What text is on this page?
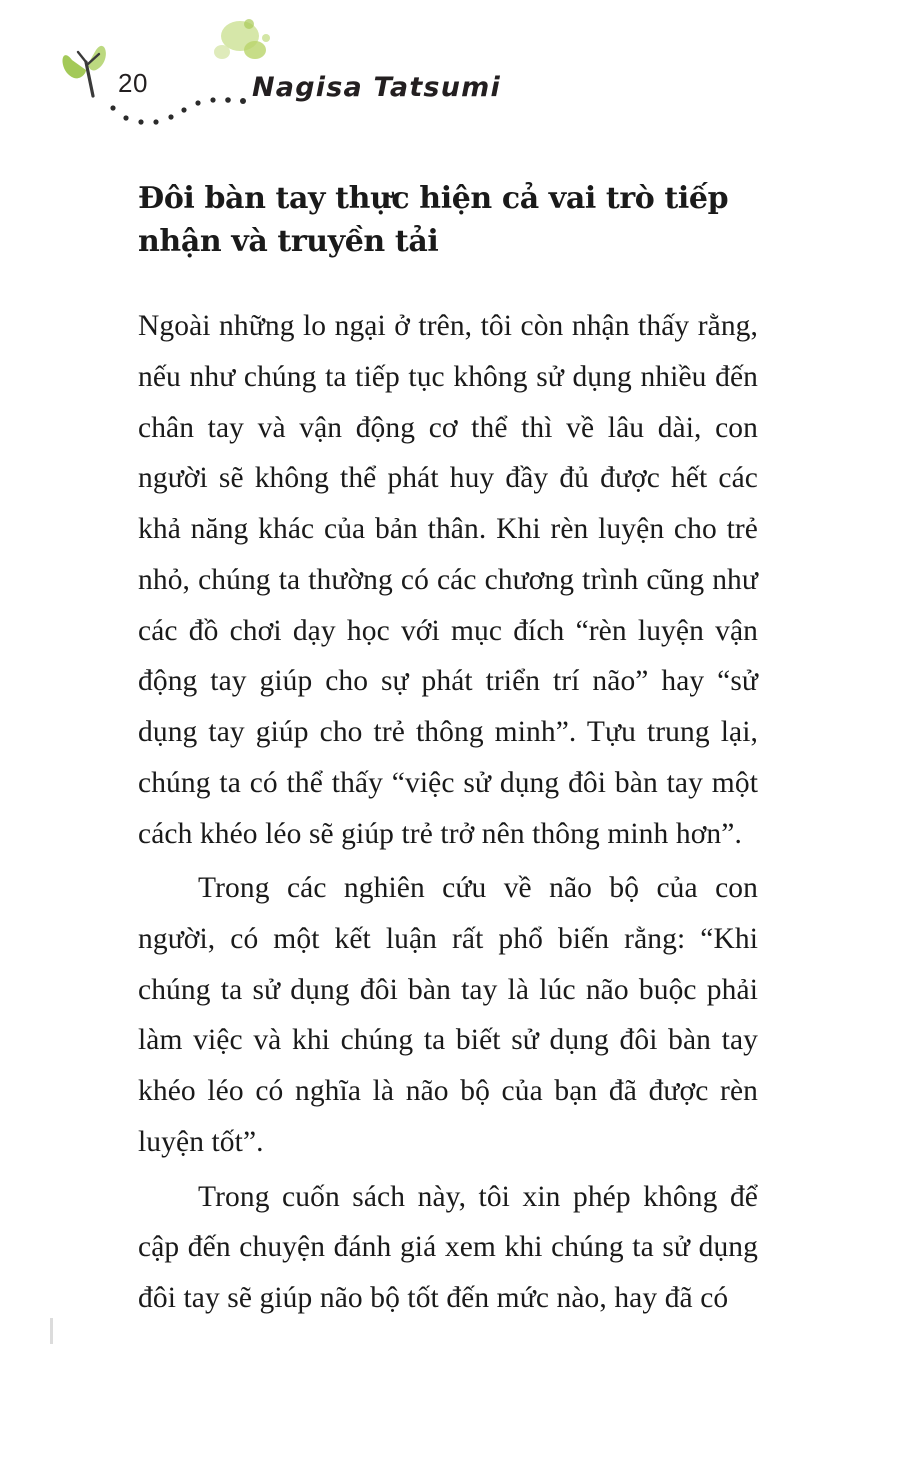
20	Nagisa Tatsumi
Đôi bàn tay thực hiện cả vai trò tiếp nhận và truyền tải

Ngoài những lo ngại ở trên, tôi còn nhận thấy rằng, nếu như chúng ta tiếp tục không sử dụng nhiều đến chân tay và vận động cơ thể thì về lâu dài, con người sẽ không thể phát huy đầy đủ được hết các khả năng khác của bản thân. Khi rèn luyện cho trẻ nhỏ, chúng ta thường có các chương trình cũng như các đồ chơi dạy học với mục đích “rèn luyện vận động tay giúp cho sự phát triển trí não” hay “sử dụng tay giúp cho trẻ thông minh”. Tựu trung lại, chúng ta có thể thấy “việc sử dụng đôi bàn tay một cách khéo léo sẽ giúp trẻ trở nên thông minh hơn”.

Trong các nghiên cứu về não bộ của con người, có một kết luận rất phổ biến rằng: “Khi chúng ta sử dụng đôi bàn tay là lúc não buộc phải làm việc và khi chúng ta biết sử dụng đôi bàn tay khéo léo có nghĩa là não bộ của bạn đã được rèn luyện tốt”.

Trong cuốn sách này, tôi xin phép không để cập đến chuyện đánh giá xem khi chúng ta sử dụng đôi tay sẽ giúp não bộ tốt đến mức nào, hay đã có
